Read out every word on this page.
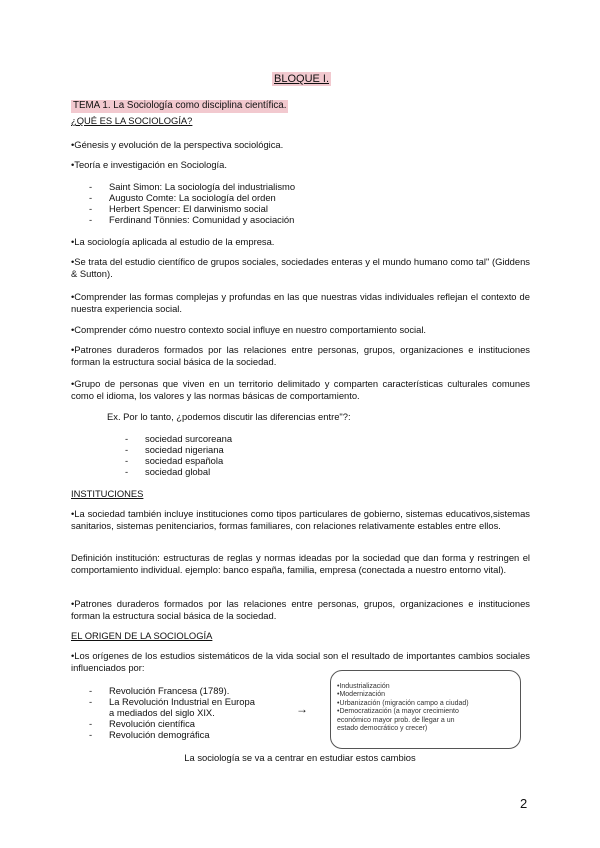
BLOQUE I.
TEMA 1. La Sociología como disciplina científica.
¿QUÉ ES LA SOCIOLOGÍA?
•Génesis y evolución de la perspectiva sociológica.
•Teoría e investigación en Sociología.
- Saint Simon: La sociología del industrialismo
- Augusto Comte: La sociología del orden
- Herbert Spencer: El darwinismo social
- Ferdinand Tönnies: Comunidad y asociación
•La sociología aplicada al estudio de la empresa.
•Se trata del estudio científico de grupos sociales, sociedades enteras y el mundo humano como tal" (Giddens & Sutton).
•Comprender las formas complejas y profundas en las que nuestras vidas individuales reflejan el contexto de nuestra experiencia social.
•Comprender cómo nuestro contexto social influye en nuestro comportamiento social.
•Patrones duraderos formados por las relaciones entre personas, grupos, organizaciones e instituciones forman la estructura social básica de la sociedad.
•Grupo de personas que viven en un territorio delimitado y comparten características culturales comunes como el idioma, los valores y las normas básicas de comportamiento.
Ex. Por lo tanto, ¿podemos discutir las diferencias entre"?:
- sociedad surcoreana
- sociedad nigeriana
- sociedad española
- sociedad global
INSTITUCIONES
•La sociedad también incluye instituciones como tipos particulares de gobierno, sistemas educativos,sistemas sanitarios, sistemas penitenciarios, formas familiares, con relaciones relativamente estables entre ellos.
Definición institución: estructuras de reglas y normas ideadas por la sociedad que dan forma y restringen el comportamiento individual. ejemplo: banco españa, familia, empresa (conectada a nuestro entorno vital).
•Patrones duraderos formados por las relaciones entre personas, grupos, organizaciones e instituciones forman la estructura social básica de la sociedad.
EL ORIGEN DE LA SOCIOLOGÍA
•Los orígenes de los estudios sistemáticos de la vida social son el resultado de importantes cambios sociales influenciados por:
- Revolución Francesa (1789).
- La Revolución Industrial en Europa
a mediados del siglo XIX.
- Revolución científica
- Revolución demográfica
→
•Industrialización
•Modernización
•Urbanización (migración campo a ciudad)
•Democratización (a mayor crecimiento
económico mayor prob. de llegar a un
estado democrático y crecer)
La sociología se va a centrar en estudiar estos cambios
2
